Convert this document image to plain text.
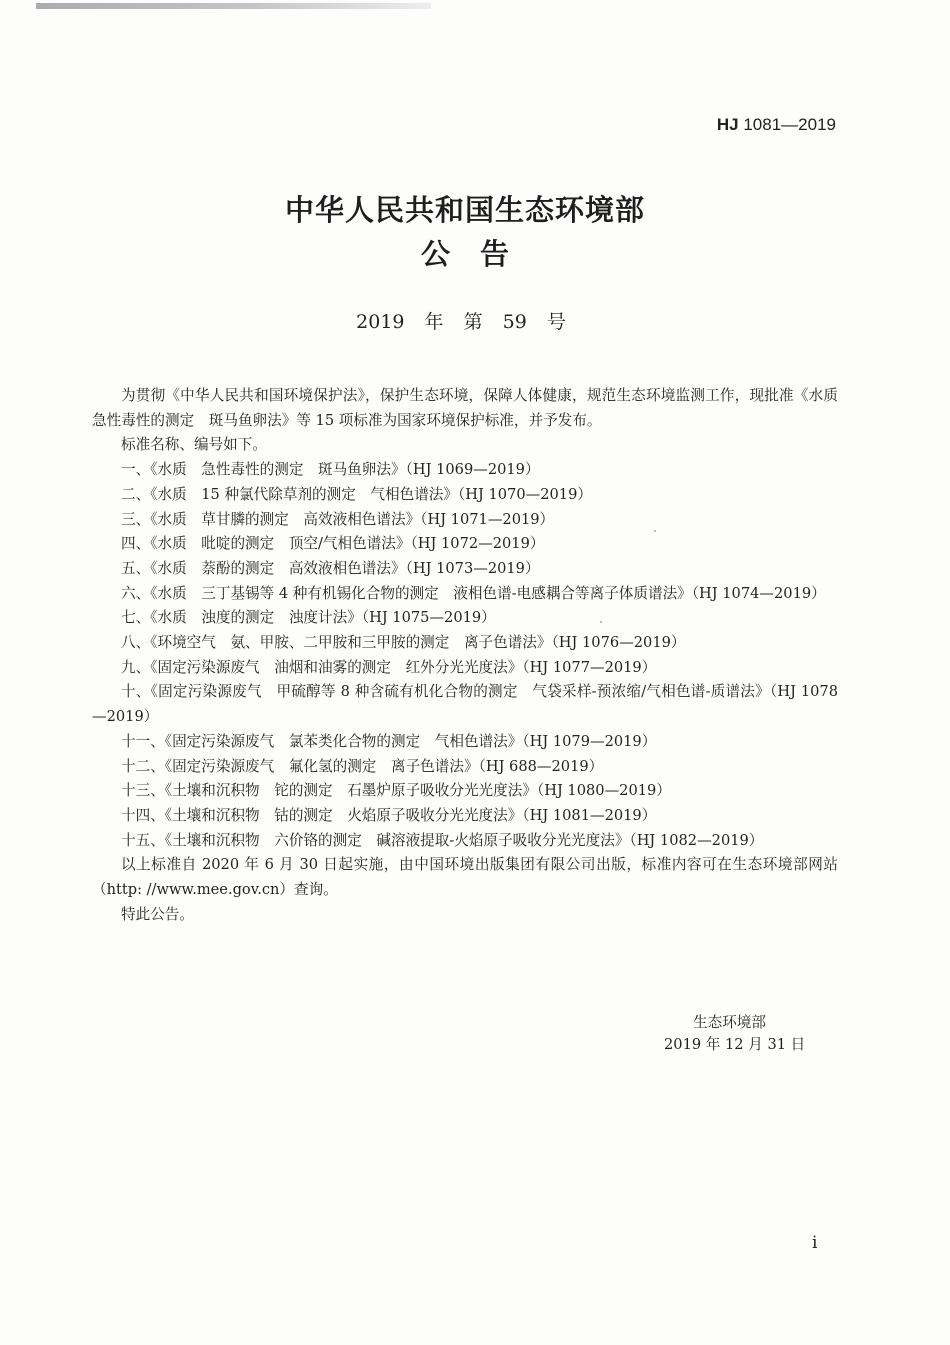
HJ 1081—2019
中华人民共和国生态环境部
公告
2019 年 第 59 号

为贯彻《中华人民共和国环境保护法》，保护生态环境，保障人体健康，规范生态环境监测工作，现批准《水质　急性毒性的测定　斑马鱼卵法》等 15 项标准为国家环境保护标准，并予发布。

标准名称、编号如下。

一、《水质　急性毒性的测定　斑马鱼卵法》（HJ 1069—2019）

二、《水质　15 种氯代除草剂的测定　气相色谱法》（HJ 1070—2019）

三、《水质　草甘膦的测定　高效液相色谱法》（HJ 1071—2019）

四、《水质　吡啶的测定　顶空/气相色谱法》（HJ 1072—2019）

五、《水质　萘酚的测定　高效液相色谱法》（HJ 1073—2019）

六、《水质　三丁基锡等 4 种有机锡化合物的测定　液相色谱-电感耦合等离子体质谱法》（HJ 1074—2019）

七、《水质　浊度的测定　浊度计法》（HJ 1075—2019）

八、《环境空气　氨、甲胺、二甲胺和三甲胺的测定　离子色谱法》（HJ 1076—2019）

九、《固定污染源废气　油烟和油雾的测定　红外分光光度法》（HJ 1077—2019）

十、《固定污染源废气　甲硫醇等 8 种含硫有机化合物的测定　气袋采样-预浓缩/气相色谱-质谱法》（HJ 1078—2019）

十一、《固定污染源废气　氯苯类化合物的测定　气相色谱法》（HJ 1079—2019）

十二、《固定污染源废气　氟化氢的测定　离子色谱法》（HJ 688—2019）

十三、《土壤和沉积物　铊的测定　石墨炉原子吸收分光光度法》（HJ 1080—2019）

十四、《土壤和沉积物　钴的测定　火焰原子吸收分光光度法》（HJ 1081—2019）

十五、《土壤和沉积物　六价铬的测定　碱溶液提取-火焰原子吸收分光光度法》（HJ 1082—2019）

以上标准自 2020 年 6 月 30 日起实施，由中国环境出版集团有限公司出版，标准内容可在生态环境部网站（http: //www.mee.gov.cn）查询。

特此公告。

生态环境部
2019 年 12 月 31 日
i
